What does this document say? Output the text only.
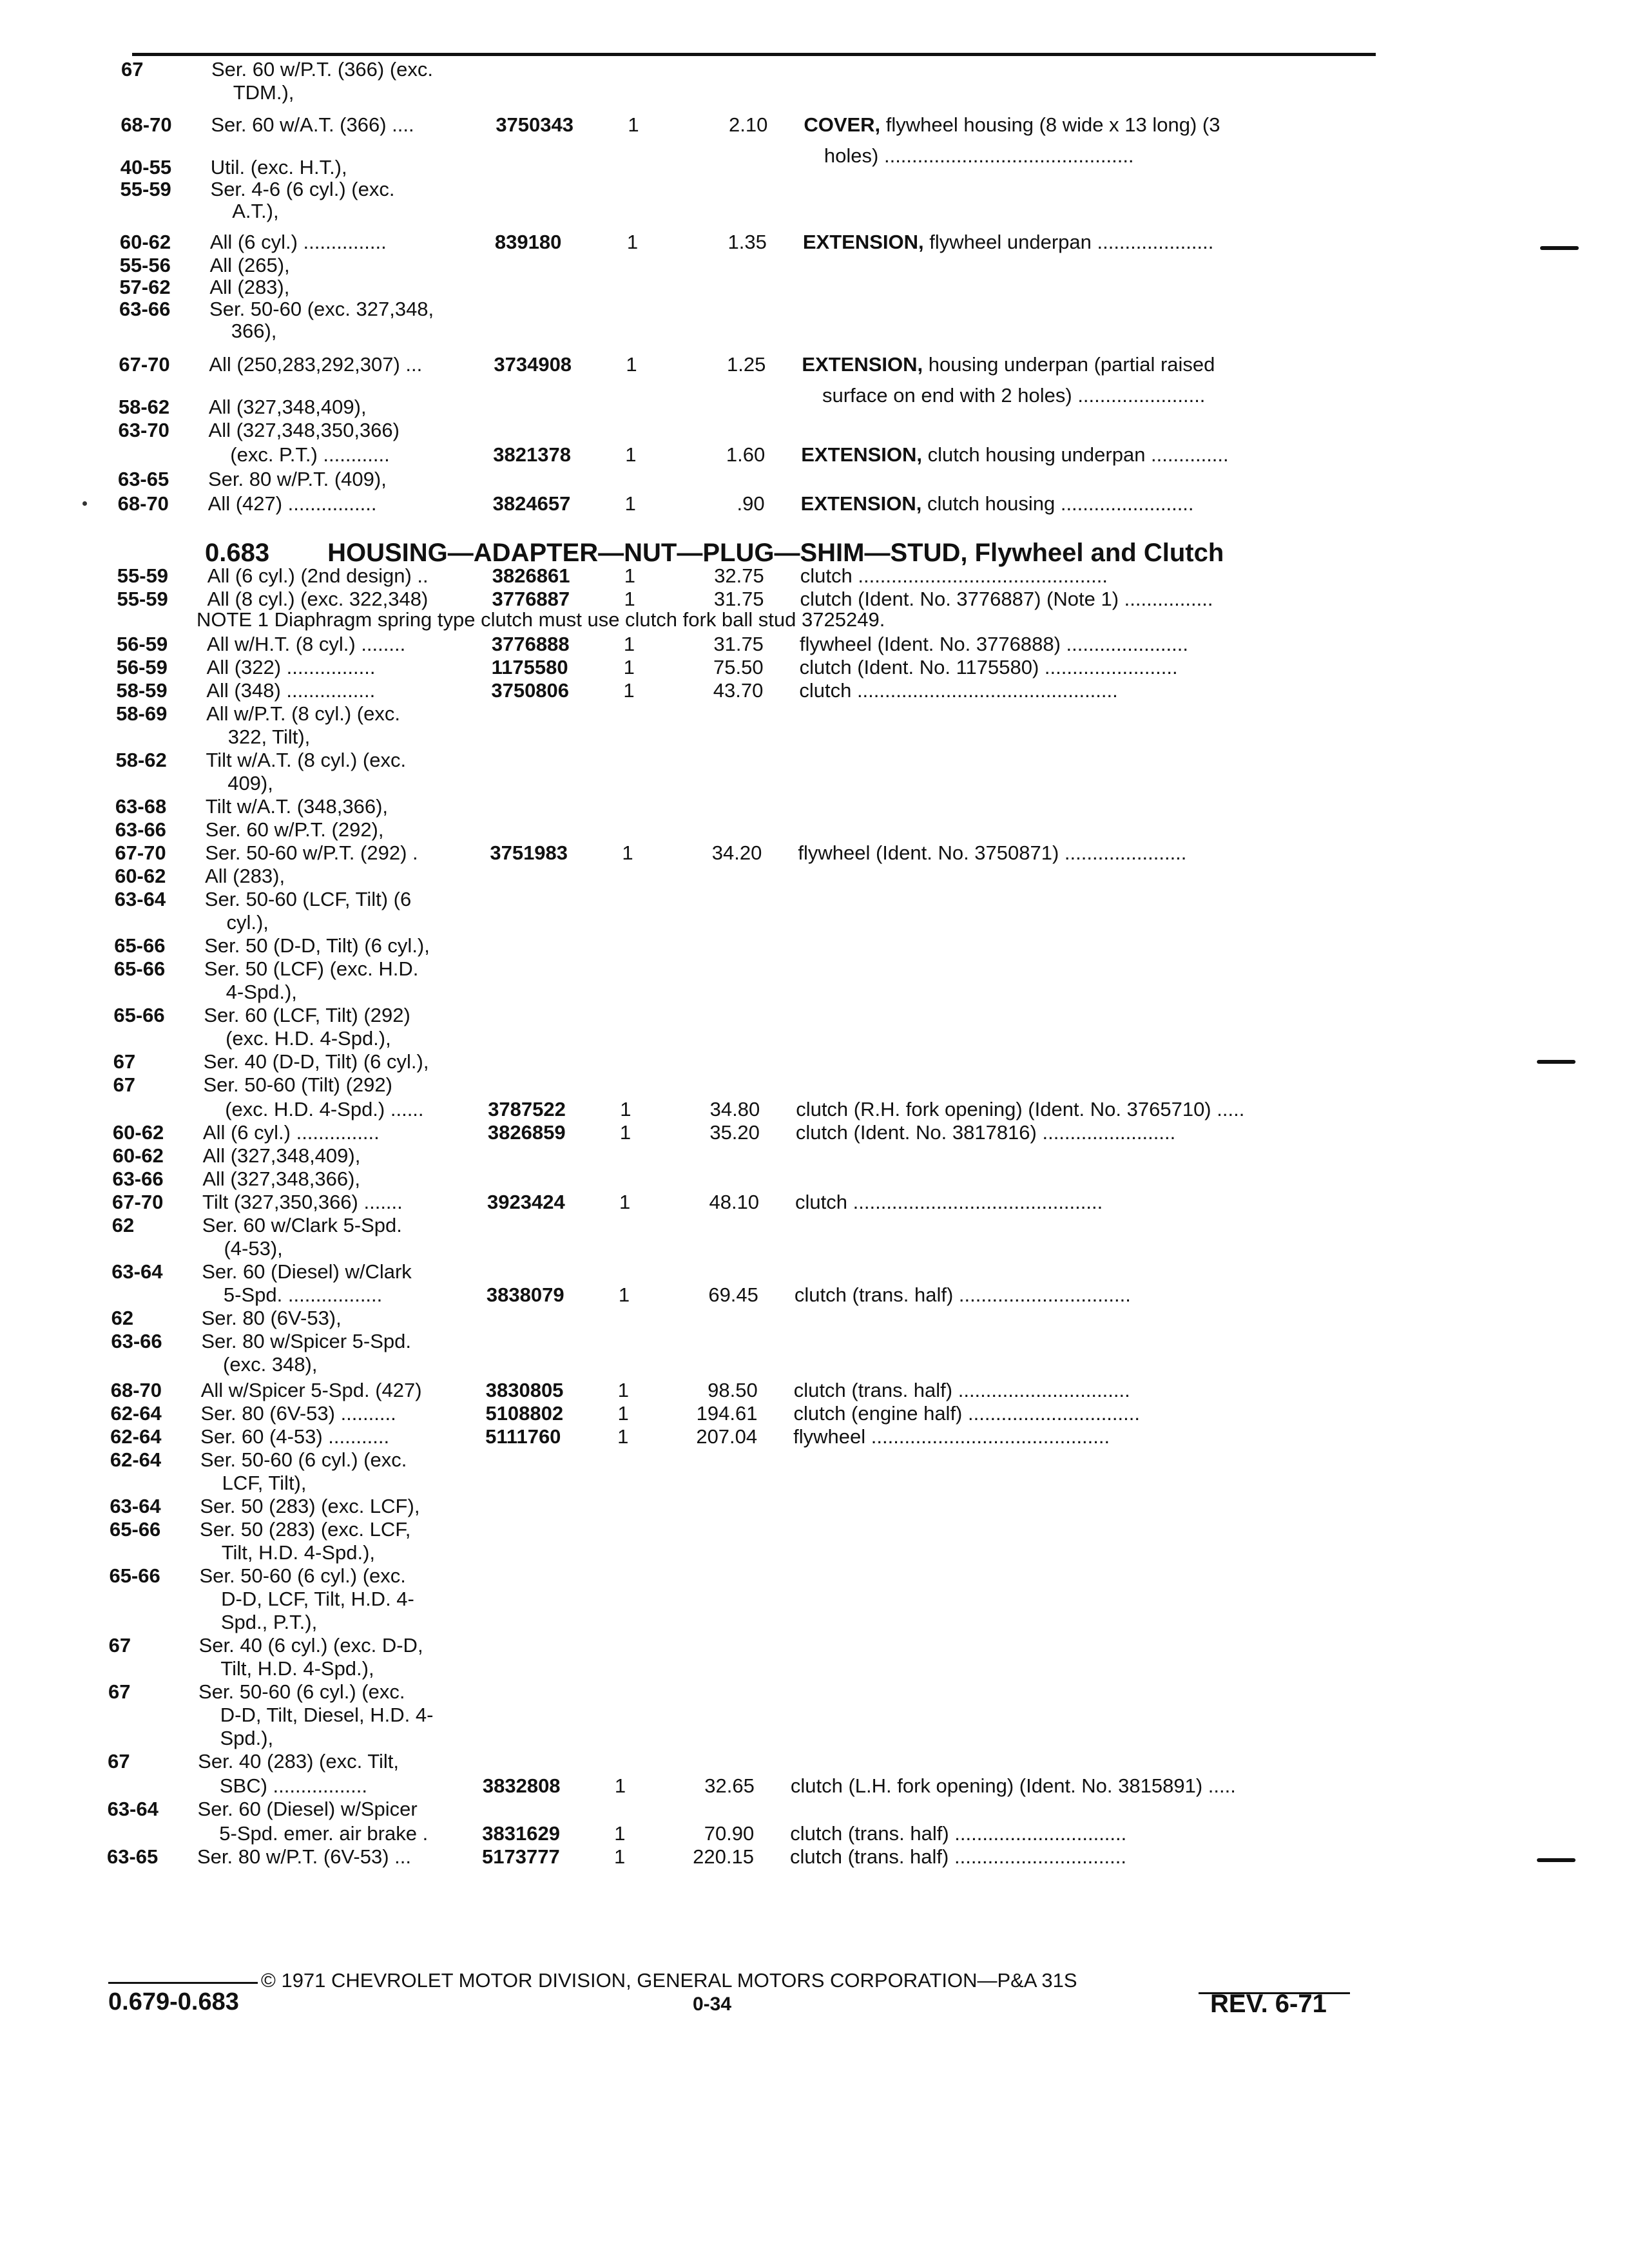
67	Ser. 60 w/P.T. (366) (exc.
TDM.),
68-70 Ser. 60 w/A.T. (366) ....	3750343	1	2.10 COVER, flywheel housing (8 wide x 13 long) (3
holes) .............................................
40-55 Util. (exc. H.T.),
55-59 Ser. 4-6 (6 cyl.) (exc.
A.T.),
60-62 All (6 cyl.) ...............	839180	1	1.35 EXTENSION, flywheel underpan .....................
55-56 All (265),
57-62 All (283),
63-66 Ser. 50-60 (exc. 327,348,
366),
67-70 All (250,283,292,307) ...	3734908	1	1.25 EXTENSION, housing underpan (partial raised
surface on end with 2 holes) .......................
58-62 All (327,348,409),
63-70 All (327,348,350,366)
(exc. P.T.) ............	3821378	1	1.60 EXTENSION, clutch housing underpan ..............
63-65 Ser. 80 w/P.T. (409),
68-70 All (427) ................	3824657	1	.90 EXTENSION, clutch housing ........................
55-59 All (6 cyl.) (2nd design) ..	3826861	1	32.75 clutch .............................................
55-59 All (8 cyl.) (exc. 322,348)	3776887	1	31.75 clutch (Ident. No. 3776887) (Note 1) ................
56-59 All w/H.T. (8 cyl.) ........	3776888	1	31.75 flywheel (Ident. No. 3776888) ......................
56-59 All (322) ................	1175580	1	75.50 clutch (Ident. No. 1175580) ........................
58-59 All (348) ................	3750806	1	43.70 clutch ...............................................
58-69 All w/P.T. (8 cyl.) (exc.
322, Tilt),
58-62 Tilt w/A.T. (8 cyl.) (exc.
409),
63-68 Tilt w/A.T. (348,366),
63-66 Ser. 60 w/P.T. (292),
67-70 Ser. 50-60 w/P.T. (292) .	3751983	1	34.20 flywheel (Ident. No. 3750871) ......................
60-62 All (283),
63-64 Ser. 50-60 (LCF, Tilt) (6
cyl.),
65-66 Ser. 50 (D-D, Tilt) (6 cyl.),
65-66 Ser. 50 (LCF) (exc. H.D.
4-Spd.),
65-66 Ser. 60 (LCF, Tilt) (292)
(exc. H.D. 4-Spd.),
67	Ser. 40 (D-D, Tilt) (6 cyl.),
67	Ser. 50-60 (Tilt) (292)
(exc. H.D. 4-Spd.) ......	3787522	1	34.80 clutch (R.H. fork opening) (Ident. No. 3765710) .....
60-62 All (6 cyl.) ...............	3826859	1	35.20 clutch (Ident. No. 3817816) ........................
60-62 All (327,348,409),
63-66 All (327,348,366),
67-70 Tilt (327,350,366) .......	3923424	1	48.10 clutch .............................................
62	Ser. 60 w/Clark 5-Spd.
(4-53),
63-64 Ser. 60 (Diesel) w/Clark
5-Spd. .................	3838079	1	69.45 clutch (trans. half) ...............................
62	Ser. 80 (6V-53),
63-66 Ser. 80 w/Spicer 5-Spd.
(exc. 348),
68-70 All w/Spicer 5-Spd. (427)	3830805	1	98.50 clutch (trans. half) ...............................
62-64 Ser. 80 (6V-53) ..........	5108802	1	194.61 clutch (engine half) ...............................
62-64 Ser. 60 (4-53) ...........	5111760	1	207.04 flywheel ...........................................
62-64 Ser. 50-60 (6 cyl.) (exc.
LCF, Tilt),
63-64 Ser. 50 (283) (exc. LCF),
65-66 Ser. 50 (283) (exc. LCF,
Tilt, H.D. 4-Spd.),
65-66 Ser. 50-60 (6 cyl.) (exc.
D-D, LCF, Tilt, H.D. 4-
Spd., P.T.),
67	Ser. 40 (6 cyl.) (exc. D-D,
Tilt, H.D. 4-Spd.),
67	Ser. 50-60 (6 cyl.) (exc.
D-D, Tilt, Diesel, H.D. 4-
Spd.),
67	Ser. 40 (283) (exc. Tilt,
SBC) .................	3832808	1	32.65 clutch (L.H. fork opening) (Ident. No. 3815891) .....
63-64 Ser. 60 (Diesel) w/Spicer
5-Spd. emer. air brake .	3831629	1	70.90 clutch (trans. half) ...............................
63-65 Ser. 80 w/P.T. (6V-53) ...	5173777	1	220.15 clutch (trans. half) ...............................
0.683 HOUSING—ADAPTER—NUT—PLUG—SHIM—STUD, Flywheel and Clutch
NOTE 1 Diaphragm spring type clutch must use clutch fork ball stud 3725249.
© 1971 CHEVROLET MOTOR DIVISION, GENERAL MOTORS CORPORATION—P&A 31S
0.679-0.683	0-34	REV. 6-71
